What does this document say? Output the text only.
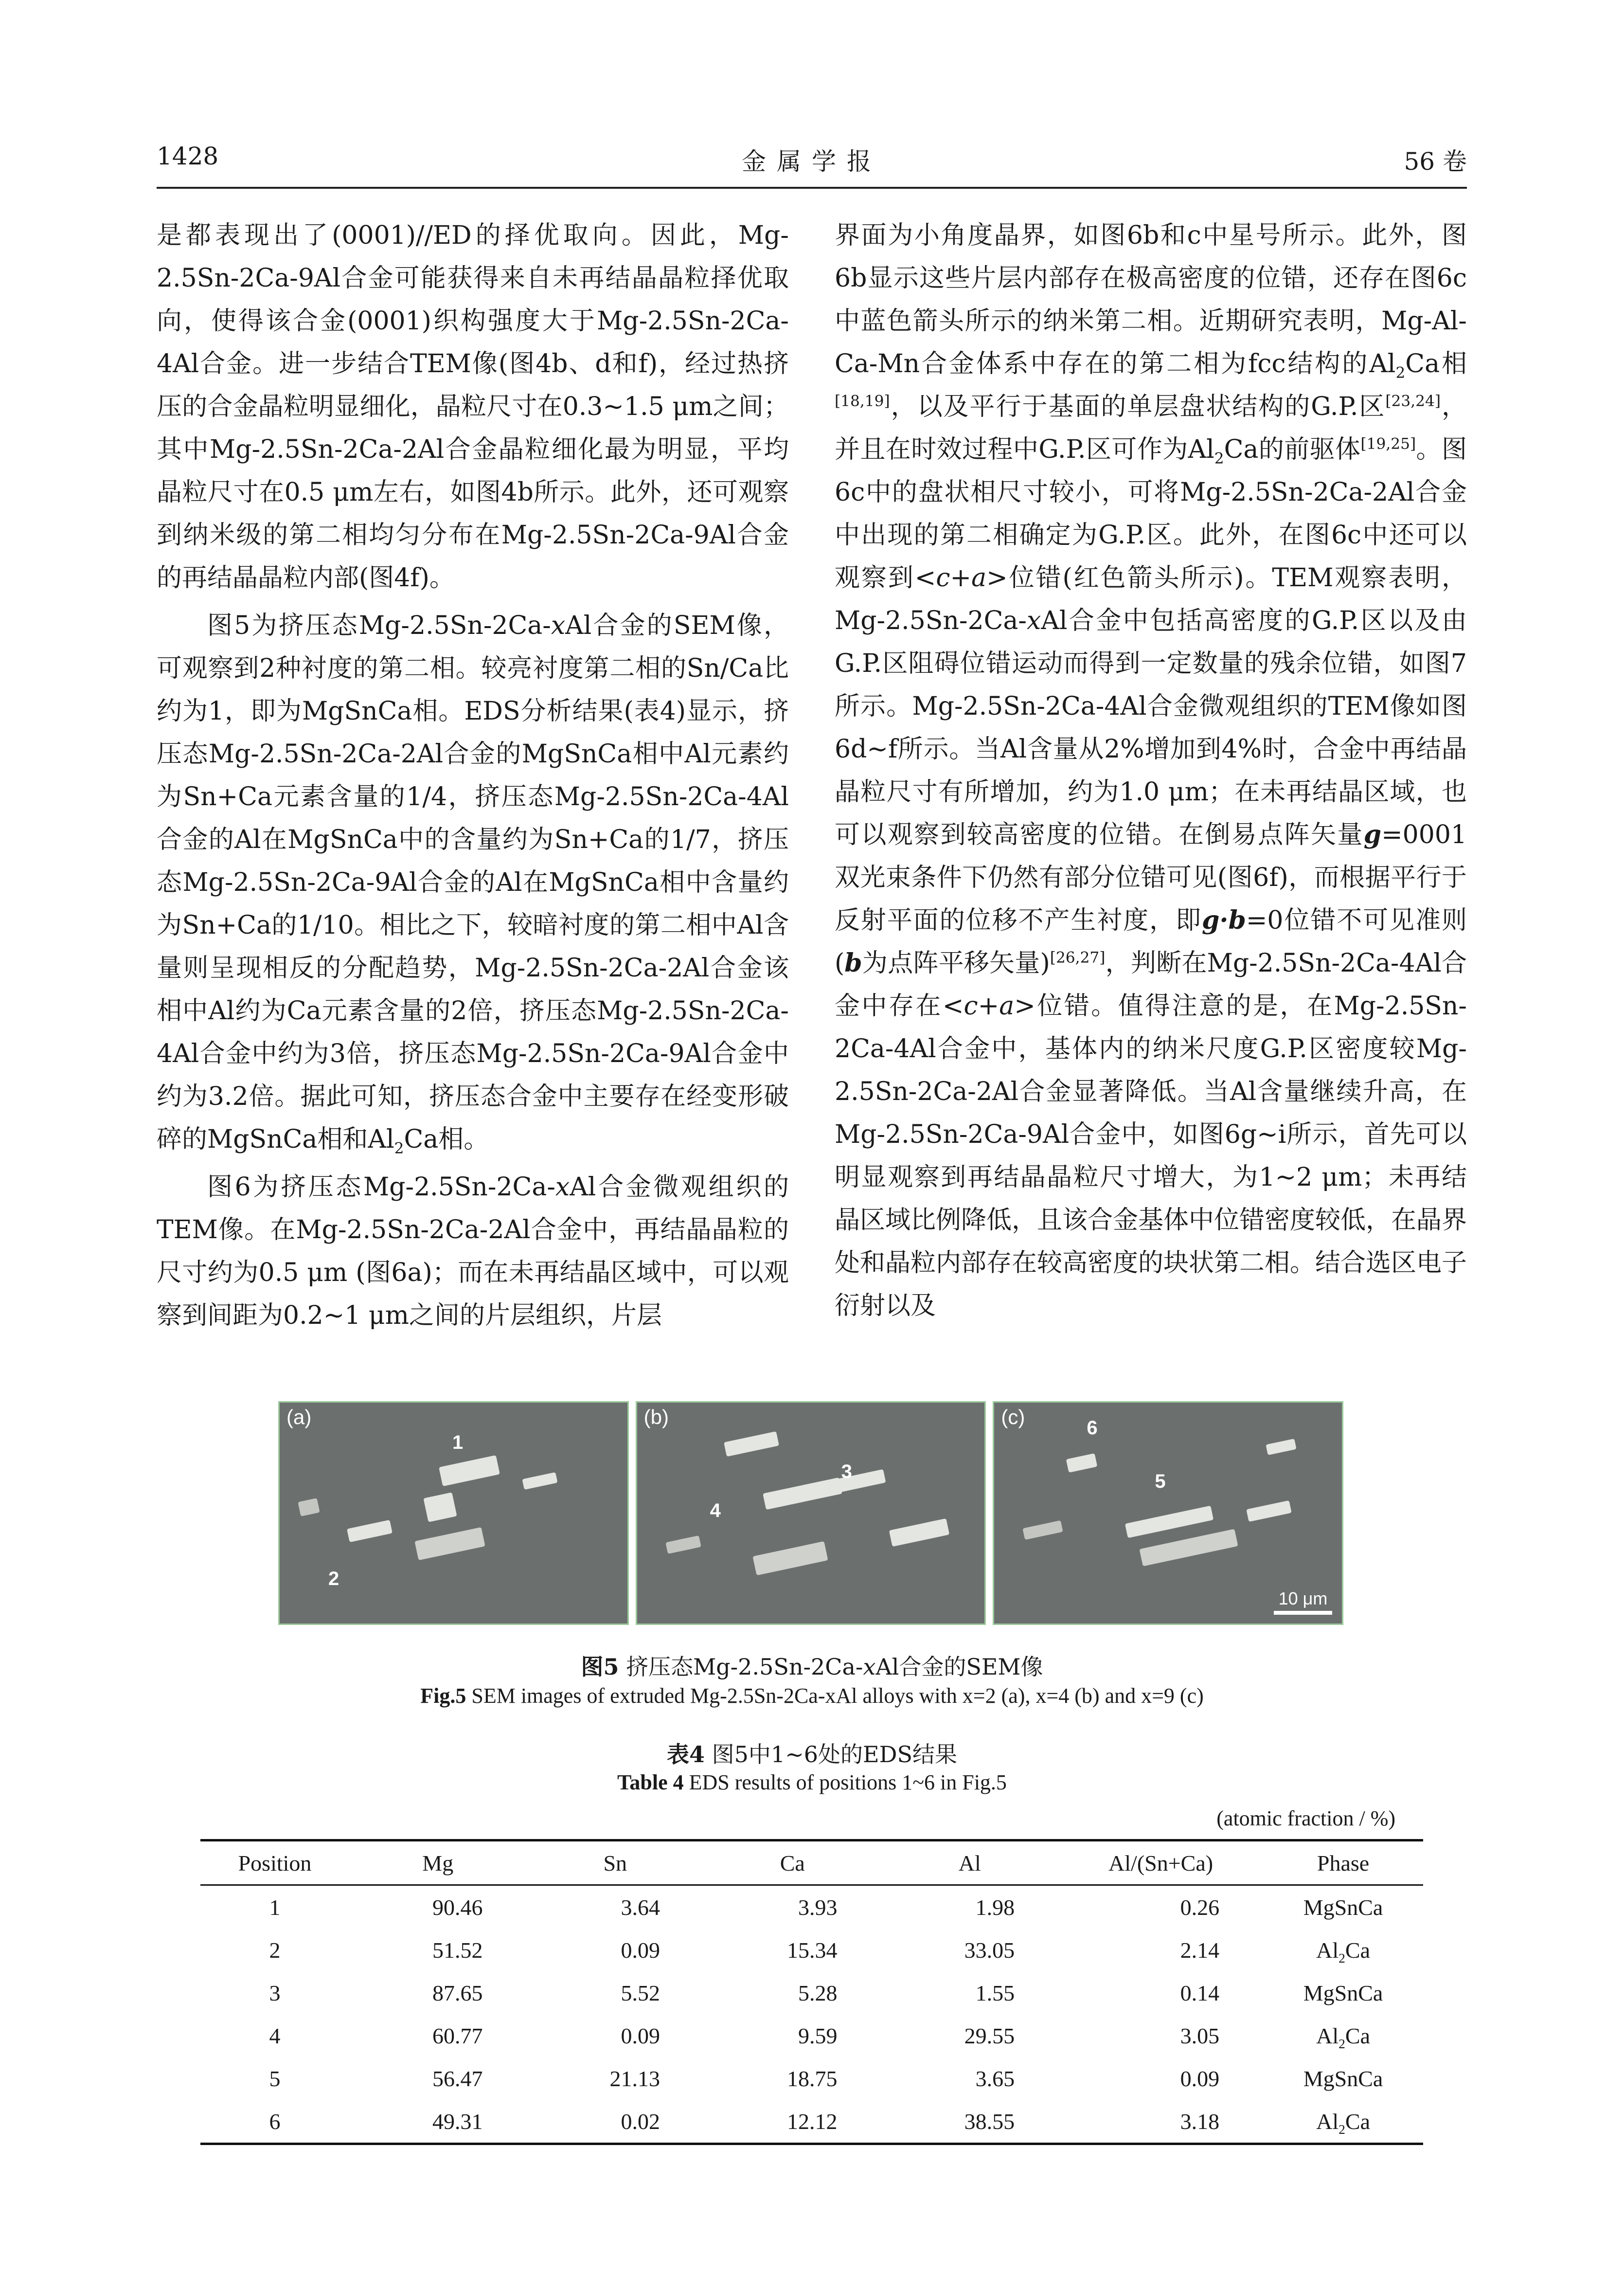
1428	金属学报	56 卷

是都表现出了(0001)//ED的择优取向。因此，Mg-2.5Sn-2Ca-9Al合金可能获得来自未再结晶晶粒择优取向，使得该合金(0001)织构强度大于Mg-2.5Sn-2Ca-4Al合金。进一步结合TEM像(图4b、d和f)，经过热挤压的合金晶粒明显细化，晶粒尺寸在0.3~1.5 μm之间；其中Mg-2.5Sn-2Ca-2Al合金晶粒细化最为明显，平均晶粒尺寸在0.5 μm左右，如图4b所示。此外，还可观察到纳米级的第二相均匀分布在Mg-2.5Sn-2Ca-9Al合金的再结晶晶粒内部(图4f)。

图5为挤压态Mg-2.5Sn-2Ca-xAl合金的SEM像，可观察到2种衬度的第二相。较亮衬度第二相的Sn/Ca比约为1，即为MgSnCa相。EDS分析结果(表4)显示，挤压态Mg-2.5Sn-2Ca-2Al合金的MgSnCa相中Al元素约为Sn+Ca元素含量的1/4，挤压态Mg-2.5Sn-2Ca-4Al合金的Al在MgSnCa中的含量约为Sn+Ca的1/7，挤压态Mg-2.5Sn-2Ca-9Al合金的Al在MgSnCa相中含量约为Sn+Ca的1/10。相比之下，较暗衬度的第二相中Al含量则呈现相反的分配趋势，Mg-2.5Sn-2Ca-2Al合金该相中Al约为Ca元素含量的2倍，挤压态Mg-2.5Sn-2Ca-4Al合金中约为3倍，挤压态Mg-2.5Sn-2Ca-9Al合金中约为3.2倍。据此可知，挤压态合金中主要存在经变形破碎的MgSnCa相和$Al_2Ca$相。

图6为挤压态Mg-2.5Sn-2Ca-xAl合金微观组织的TEM像。在Mg-2.5Sn-2Ca-2Al合金中，再结晶晶粒的尺寸约为0.5 μm (图6a)；而在未再结晶区域中，可以观察到间距为0.2~1 μm之间的片层组织，片层

界面为小角度晶界，如图6b和c中星号所示。此外，图6b显示这些片层内部存在极高密度的位错，还存在图6c中蓝色箭头所示的纳米第二相。近期研究表明，Mg-Al-Ca-Mn合金体系中存在的第二相为fcc结构的$Al_2Ca$相[18,19]，以及平行于基面的单层盘状结构的G.P.区[23,24]，并且在时效过程中G.P.区可作为$Al_2Ca$的前驱体[19,25]。图6c中的盘状相尺寸较小，可将Mg-2.5Sn-2Ca-2Al合金中出现的第二相确定为G.P.区。此外，在图6c中还可以观察到<c+a>位错(红色箭头所示)。TEM观察表明，Mg-2.5Sn-2Ca-xAl合金中包括高密度的G.P.区以及由G.P.区阻碍位错运动而得到一定数量的残余位错，如图7所示。Mg-2.5Sn-2Ca-4Al合金微观组织的TEM像如图6d~f所示。当Al含量从2%增加到4%时，合金中再结晶晶粒尺寸有所增加，约为1.0 μm；在未再结晶区域，也可以观察到较高密度的位错。在倒易点阵矢量g=0001双光束条件下仍然有部分位错可见(图6f)，而根据平行于反射平面的位移不产生衬度，即g·b=0位错不可见准则(b为点阵平移矢量)[26,27]，判断在Mg-2.5Sn-2Ca-4Al合金中存在<c+a>位错。值得注意的是，在Mg-2.5Sn-2Ca-4Al合金中，基体内的纳米尺度G.P.区密度较Mg-2.5Sn-2Ca-2Al合金显著降低。当Al含量继续升高，在Mg-2.5Sn-2Ca-9Al合金中，如图6g~i所示，首先可以明显观察到再结晶晶粒尺寸增大，为1~2 μm；未再结晶区域比例降低，且该合金基体中位错密度较低，在晶界处和晶粒内部存在较高密度的块状第二相。结合选区电子衍射以及

(a)
1
2
(b)
3
4
(c)	6
5
10 μm
图5 挤压态Mg-2.5Sn-2Ca-xAl合金的SEM像
Fig.5 SEM images of extruded Mg-2.5Sn-2Ca-xAl alloys with x=2 (a), x=4 (b) and x=9 (c)
表4 图5中1~6处的EDS结果
Table 4 EDS results of positions 1~6 in Fig.5
(atomic fraction / %)
Position	Mg	Sn	Ca	Al	Al/(Sn+Ca)	Phase
1	90.46	3.64	3.93	1.98	0.26	MgSnCa
2	51.52	0.09	15.34	33.05	2.14	$Al_2Ca$
3	87.65	5.52	5.28	1.55	0.14	MgSnCa
4	60.77	0.09	9.59	29.55	3.05	$Al_2Ca$
5	56.47	21.13	18.75	3.65	0.09	MgSnCa
6	49.31	0.02	12.12	38.55	3.18	$Al_2Ca$
